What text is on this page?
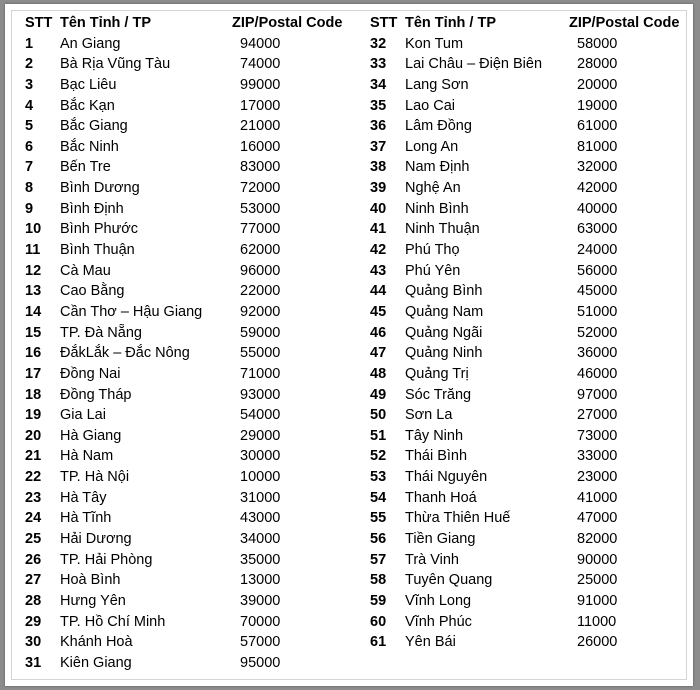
STT Tên Tỉnh / TP	ZIP/Postal Code
1 An Giang	94000
2 Bà Rịa Vũng Tàu	74000
3 Bạc Liêu	99000
4 Bắc Kạn	17000
5 Bắc Giang	21000
6 Bắc Ninh	16000
7 Bến Tre	83000
8 Bình Dương	72000
9 Bình Định	53000
10 Bình Phước	77000
11 Bình Thuận	62000
12 Cà Mau	96000
13 Cao Bằng	22000
14 Cần Thơ – Hậu Giang	92000
15 TP. Đà Nẵng	59000
16 ĐắkLắk – Đắc Nông	55000
17 Đồng Nai	71000
18 Đồng Tháp	93000
19 Gia Lai	54000
20 Hà Giang	29000
21 Hà Nam	30000
22 TP. Hà Nội	10000
23 Hà Tây	31000
24 Hà Tĩnh	43000
25 Hải Dương	34000
26 TP. Hải Phòng	35000
27 Hoà Bình	13000
28 Hưng Yên	39000
29 TP. Hồ Chí Minh	70000
30 Khánh Hoà	57000
31 Kiên Giang	95000
STT Tên Tỉnh / TP	ZIP/Postal Code
32 Kon Tum	58000
33 Lai Châu – Điện Biên	28000
34 Lang Sơn	20000
35 Lao Cai	19000
36 Lâm Đồng	61000
37 Long An	81000
38 Nam Định	32000
39 Nghệ An	42000
40 Ninh Bình	40000
41 Ninh Thuận	63000
42 Phú Thọ	24000
43 Phú Yên	56000
44 Quảng Bình	45000
45 Quảng Nam	51000
46 Quảng Ngãi	52000
47 Quảng Ninh	36000
48 Quảng Trị	46000
49 Sóc Trăng	97000
50 Sơn La	27000
51 Tây Ninh	73000
52 Thái Bình	33000
53 Thái Nguyên	23000
54 Thanh Hoá	41000
55 Thừa Thiên Huế	47000
56 Tiền Giang	82000
57 Trà Vinh	90000
58 Tuyên Quang	25000
59 Vĩnh Long	91000
60 Vĩnh Phúc	11000
61 Yên Bái	26000
